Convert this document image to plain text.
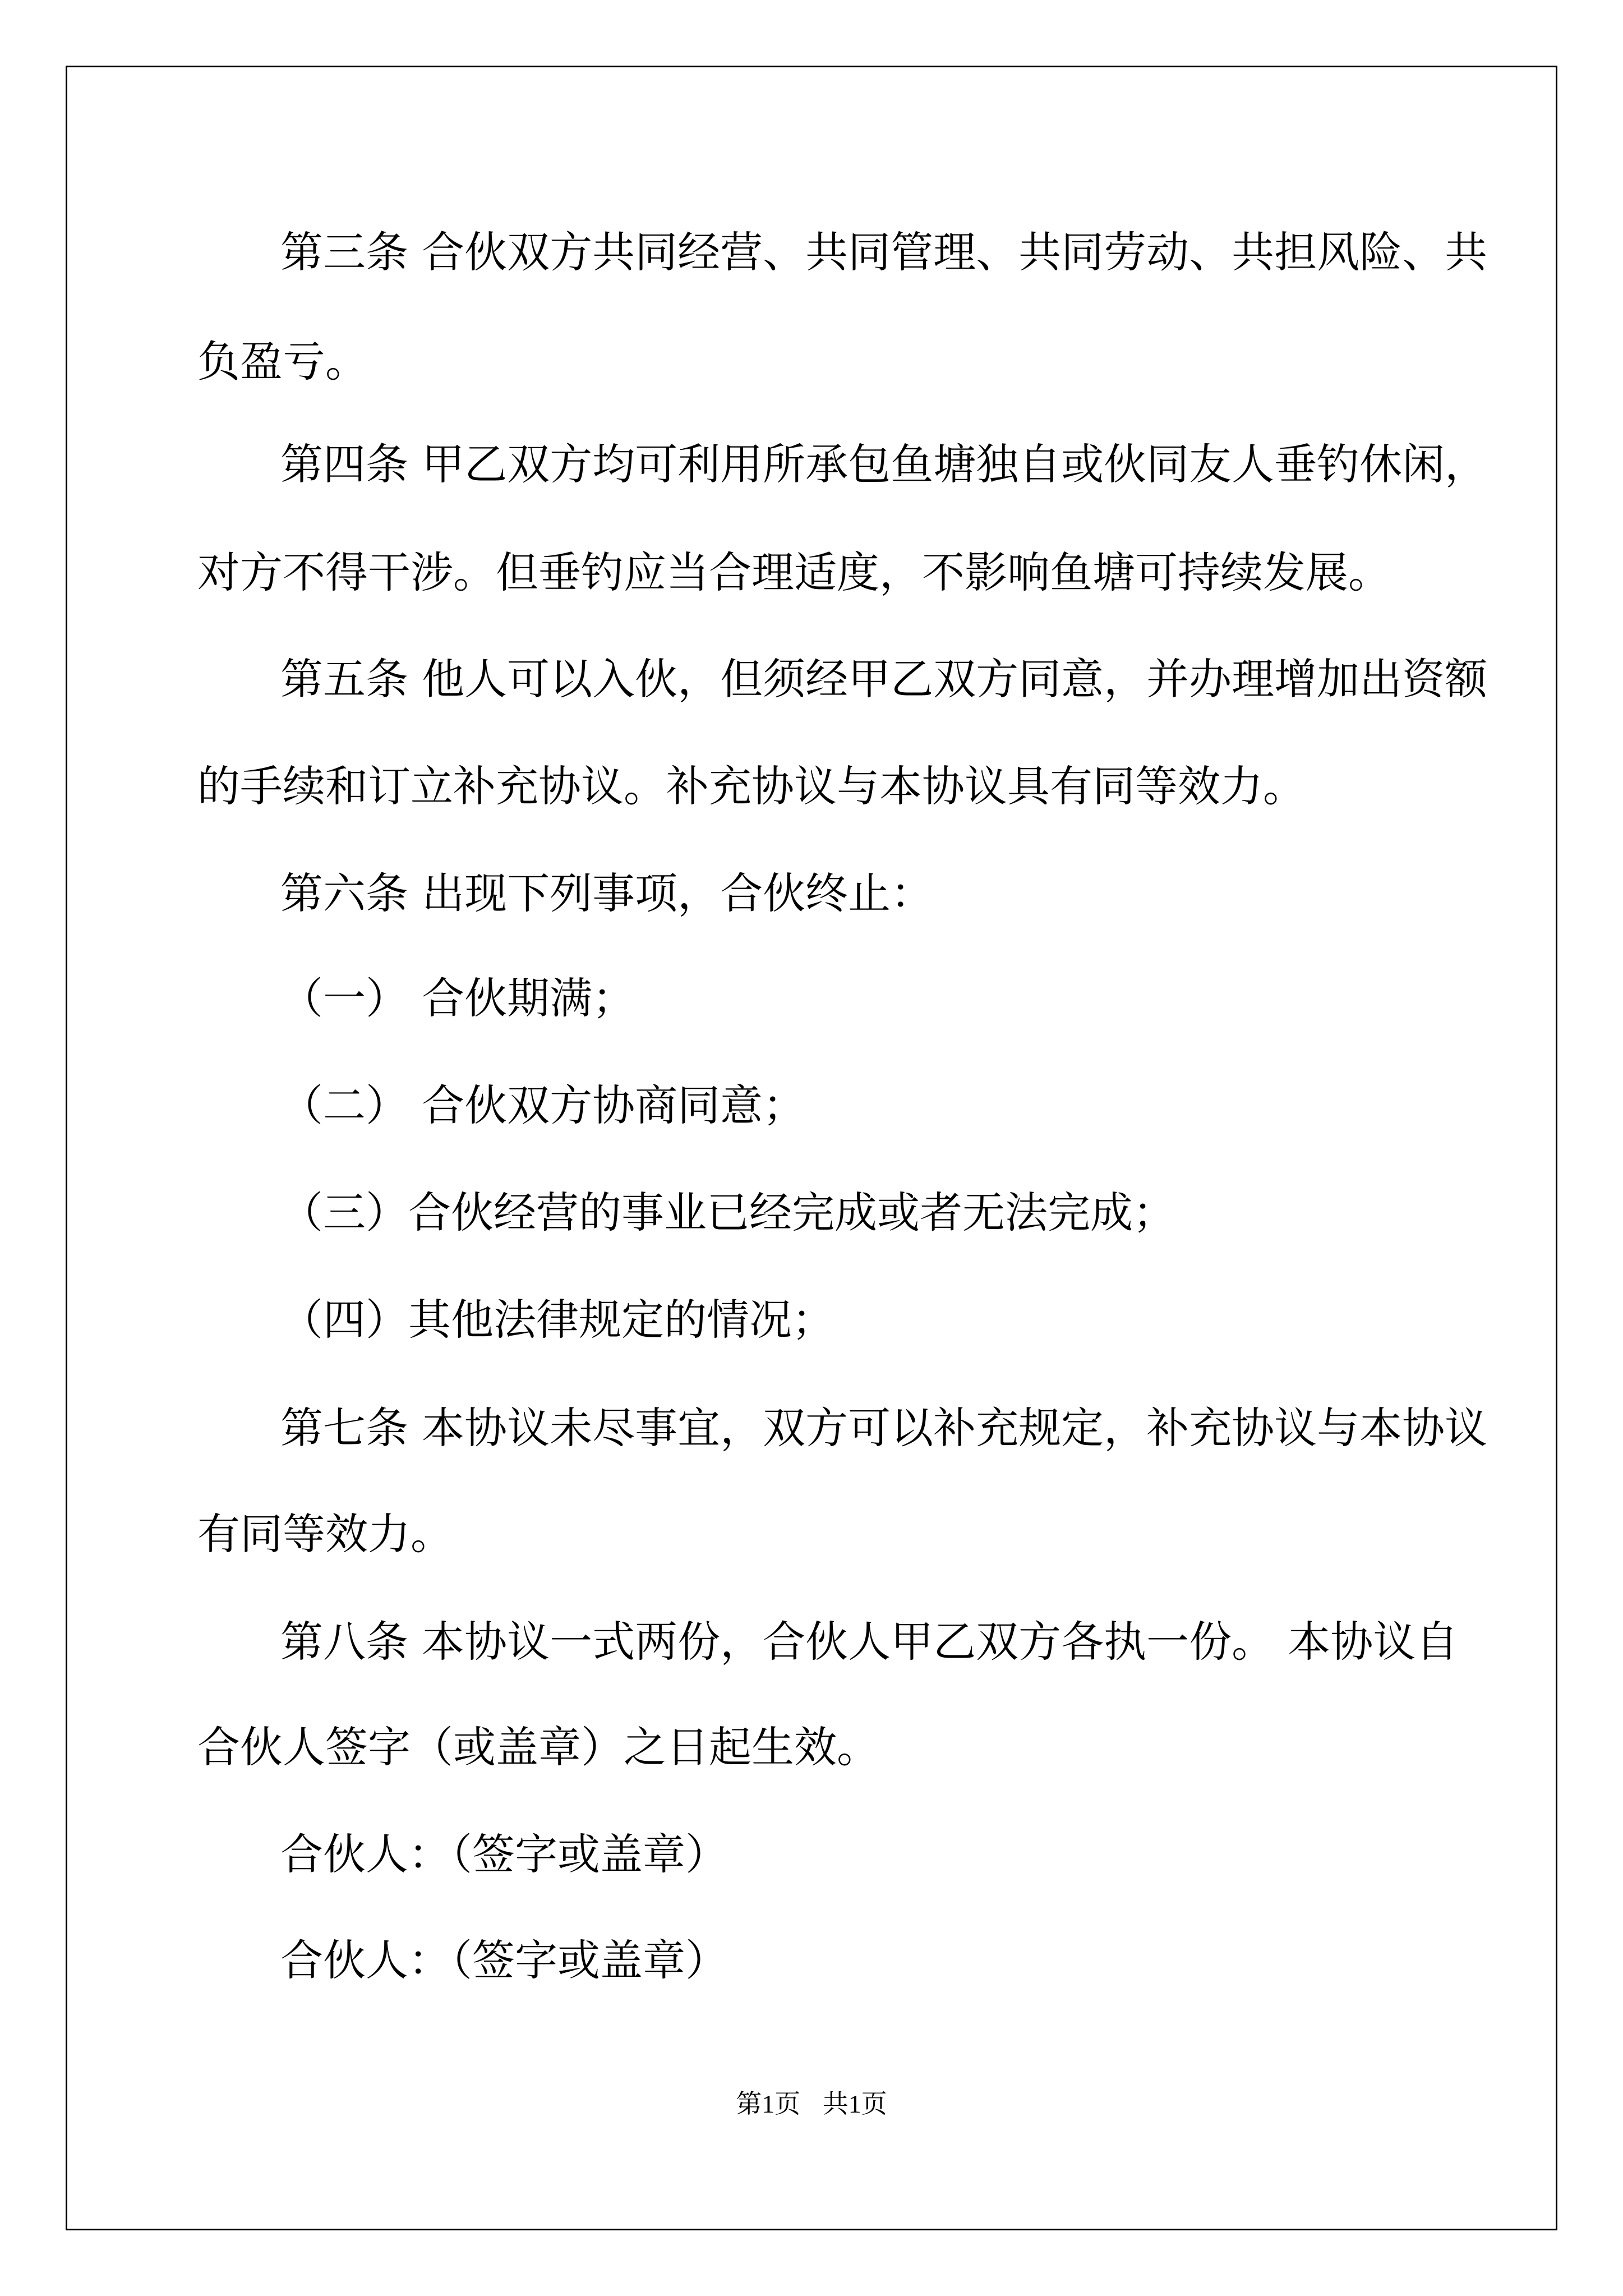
第三条 合伙双方共同经营、共同管理、共同劳动、共担风险、共
负盈亏。
第四条 甲乙双方均可利用所承包鱼塘独自或伙同友人垂钓休闲，
对方不得干涉。但垂钓应当合理适度，不影响鱼塘可持续发展。
第五条 他人可以入伙，但须经甲乙双方同意，并办理增加出资额
的手续和订立补充协议。补充协议与本协议具有同等效力。
第六条 出现下列事项，合伙终止：
（一） 合伙期满；
（二） 合伙双方协商同意；
（三）合伙经营的事业已经完成或者无法完成；
（四）其他法律规定的情况；
第七条 本协议未尽事宜，双方可以补充规定，补充协议与本协议
有同等效力。
第八条 本协议一式两份，合伙人甲乙双方各执一份。 本协议自
合伙人签字（或盖章）之日起生效。
合伙人：（签字或盖章）
合伙人：（签字或盖章）
第1页 共1页
